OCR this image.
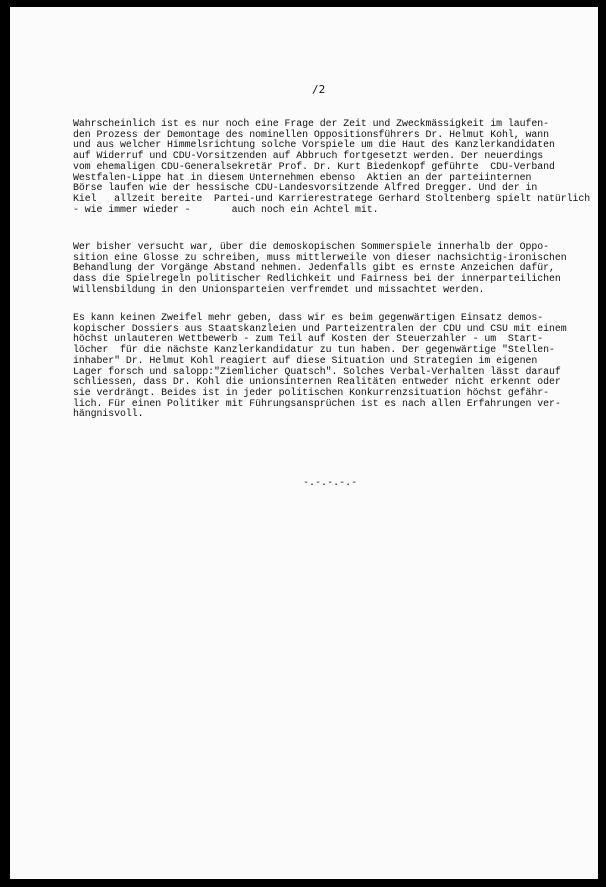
/2
Wahrscheinlich ist es nur noch eine Frage der Zeit und Zweckmässigkeit im laufen-
den Prozess der Demontage des nominellen Oppositionsführers Dr. Helmut Kohl, wann
und aus welcher Himmelsrichtung solche Vorspiele um die Haut des Kanzlerkandidaten
auf Widerruf und CDU-Vorsitzenden auf Abbruch fortgesetzt werden. Der neuerdings
vom ehemaligen CDU-Generalsekretär Prof. Dr. Kurt Biedenkopf geführte  CDU-Verband
Westfalen-Lippe hat in diesem Unternehmen ebenso  Aktien an der parteiinternen
Börse laufen wie der hessische CDU-Landesvorsitzende Alfred Dregger. Und der in
Kiel   allzeit bereite  Partei-und Karrierestratege Gerhard Stoltenberg spielt natürlich
- wie immer wieder -       auch noch ein Achtel mit.
Wer bisher versucht war, über die demoskopischen Sommerspiele innerhalb der Oppo-
sition eine Glosse zu schreiben, muss mittlerweile von dieser nachsichtig-ironischen
Behandlung der Vorgänge Abstand nehmen. Jedenfalls gibt es ernste Anzeichen dafür,
dass die Spielregeln politischer Redlichkeit und Fairness bei der innerparteilichen
Willensbildung in den Unionsparteien verfremdet und missachtet werden.
Es kann keinen Zweifel mehr geben, dass wir es beim gegenwärtigen Einsatz demos-
kopischer Dossiers aus Staatskanzleien und Parteizentralen der CDU und CSU mit einem
höchst unlauteren Wettbewerb - zum Teil auf Kosten der Steuerzahler - um  Start-
löcher  für die nächste Kanzlerkandidatur zu tun haben. Der gegenwärtige "Stellen-
inhaber" Dr. Helmut Kohl reagiert auf diese Situation und Strategien im eigenen
Lager forsch und salopp:"Ziemlicher Quatsch". Solches Verbal-Verhalten lässt darauf
schliessen, dass Dr. Kohl die unionsinternen Realitäten entweder nicht erkennt oder
sie verdrängt. Beides ist in jeder politischen Konkurrenzsituation höchst gefähr-
lich. Für einen Politiker mit Führungsansprüchen ist es nach allen Erfahrungen ver-
hängnisvoll.
-.-.-.-.-
